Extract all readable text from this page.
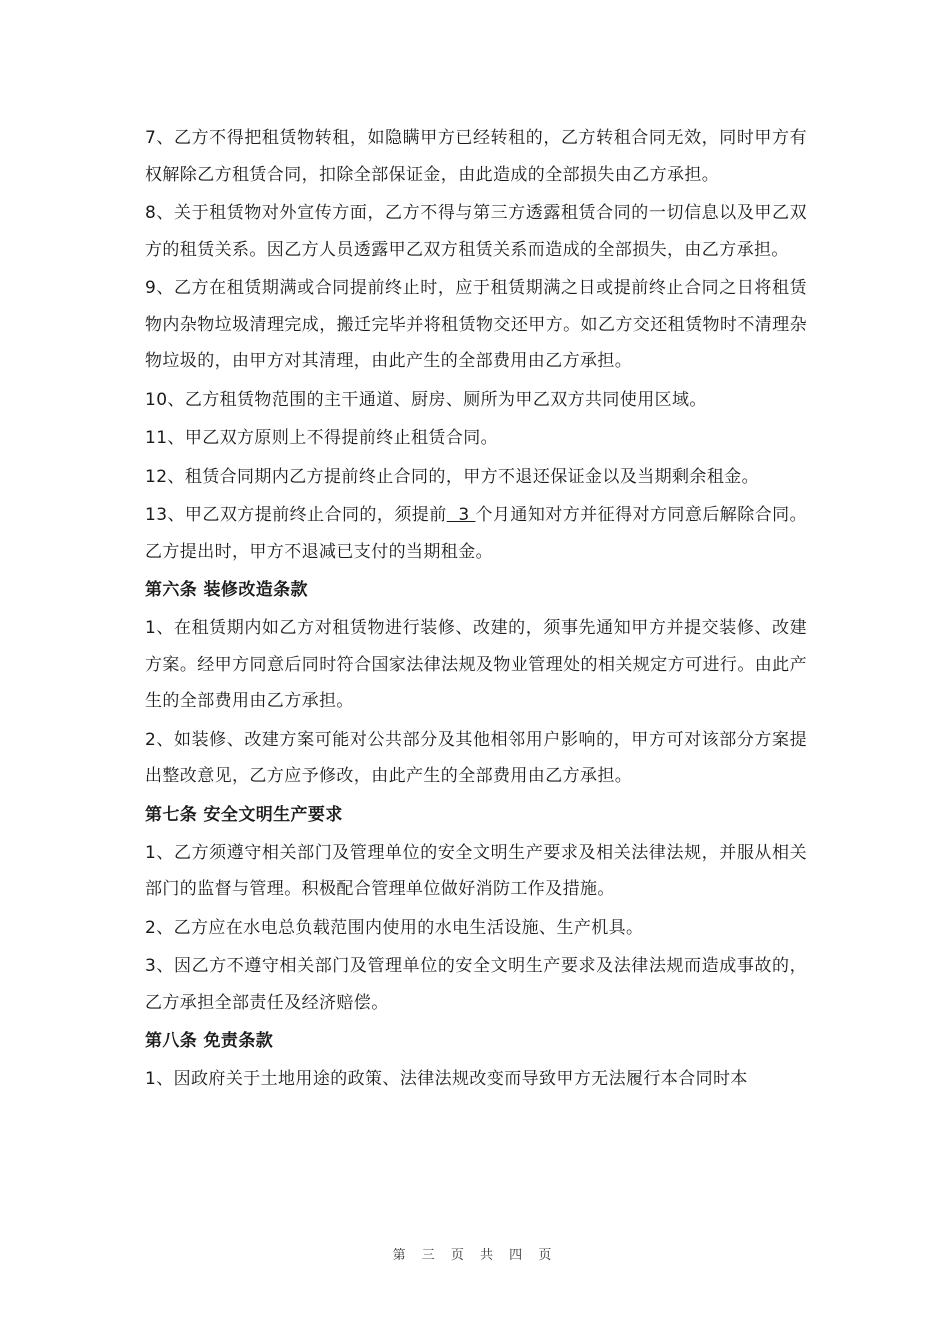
7、乙方不得把租赁物转租，如隐瞒甲方已经转租的，乙方转租合同无效，同时甲方有权解除乙方租赁合同，扣除全部保证金，由此造成的全部损失由乙方承担。

8、关于租赁物对外宣传方面，乙方不得与第三方透露租赁合同的一切信息以及甲乙双方的租赁关系。因乙方人员透露甲乙双方租赁关系而造成的全部损失，由乙方承担。

9、乙方在租赁期满或合同提前终止时，应于租赁期满之日或提前终止合同之日将租赁物内杂物垃圾清理完成，搬迁完毕并将租赁物交还甲方。如乙方交还租赁物时不清理杂物垃圾的，由甲方对其清理，由此产生的全部费用由乙方承担。

10、乙方租赁物范围的主干通道、厨房、厕所为甲乙双方共同使用区域。

11、甲乙双方原则上不得提前终止租赁合同。

12、租赁合同期内乙方提前终止合同的，甲方不退还保证金以及当期剩余租金。

13、甲乙双方提前终止合同的，须提前  3 个月通知对方并征得对方同意后解除合同。乙方提出时，甲方不退减已支付的当期租金。

第六条 装修改造条款

1、在租赁期内如乙方对租赁物进行装修、改建的，须事先通知甲方并提交装修、改建方案。经甲方同意后同时符合国家法律法规及物业管理处的相关规定方可进行。由此产生的全部费用由乙方承担。

2、如装修、改建方案可能对公共部分及其他相邻用户影响的，甲方可对该部分方案提出整改意见，乙方应予修改，由此产生的全部费用由乙方承担。

第七条 安全文明生产要求

1、乙方须遵守相关部门及管理单位的安全文明生产要求及相关法律法规，并服从相关部门的监督与管理。积极配合管理单位做好消防工作及措施。

2、乙方应在水电总负载范围内使用的水电生活设施、生产机具。

3、因乙方不遵守相关部门及管理单位的安全文明生产要求及法律法规而造成事故的，乙方承担全部责任及经济赔偿。

第八条 免责条款

1、因政府关于土地用途的政策、法律法规改变而导致甲方无法履行本合同时本

第 三 页 共 四 页
